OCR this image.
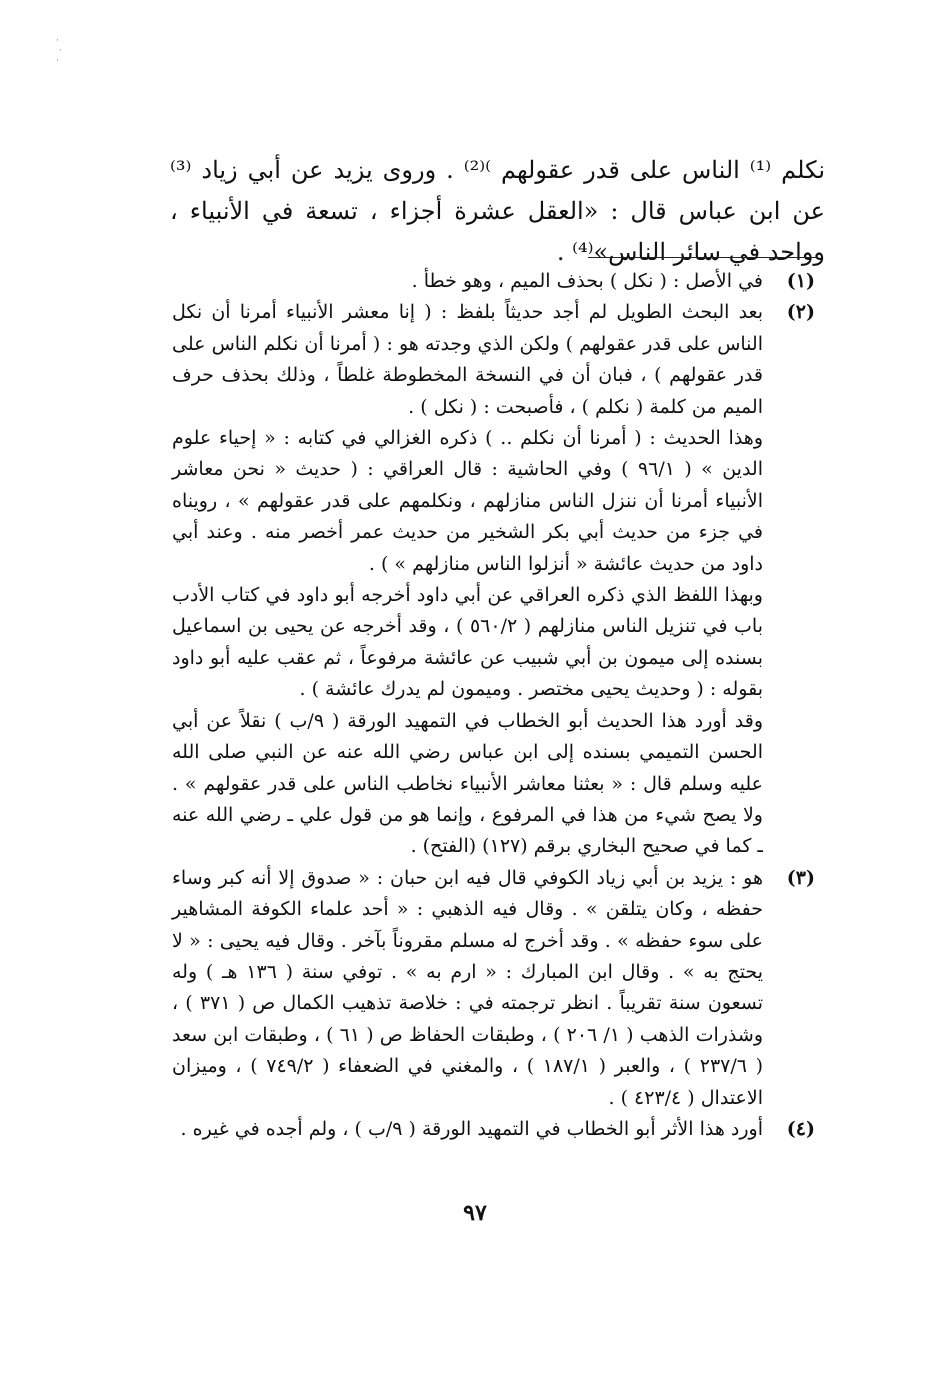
·
·
·
نكلم ⁽¹⁾ الناس على قدر عقولهم ⁾⁽²⁾ . وروى يزيد عن أبي زياد ⁽³⁾ عن ابن عباس قال : «العقل عشرة أجزاء ، تسعة في الأنبياء ، وواحد في سائر الناس»⁽⁴⁾ .
(١)
في الأصل : ( نكل ) بحذف الميم ، وهو خطأ .
(٢)
بعد البحث الطويل لم أجد حديثاً بلفظ : ( إنا معشر الأنبياء أمرنا أن نكل الناس على قدر عقولهم ) ولكن الذي وجدته هو : ( أمرنا أن نكلم الناس على قدر عقولهم ) ، فبان أن في النسخة المخطوطة غلطاً ، وذلك بحذف حرف الميم من كلمة ( نكلم ) ، فأصبحت : ( نكل ) .
وهذا الحديث : ( أمرنا أن نكلم .. ) ذكره الغزالي في كتابه : « إحياء علوم الدين » ( ٩٦/١ ) وفي الحاشية : قال العراقي : ( حديث « نحن معاشر الأنبياء أمرنا أن ننزل الناس منازلهم ، ونكلمهم على قدر عقولهم » ، رويناه في جزء من حديث أبي بكر الشخير من حديث عمر أخصر منه . وعند أبي داود من حديث عائشة « أنزلوا الناس منازلهم » ) .
وبهذا اللفظ الذي ذكره العراقي عن أبي داود أخرجه أبو داود في كتاب الأدب باب في تنزيل الناس منازلهم ( ٥٦٠/٢ ) ، وقد أخرجه عن يحيى بن اسماعيل بسنده إلى ميمون بن أبي شبيب عن عائشة مرفوعاً ، ثم عقب عليه أبو داود بقوله : ( وحديث يحيى مختصر . وميمون لم يدرك عائشة ) .
وقد أورد هذا الحديث أبو الخطاب في التمهيد الورقة ( ٩/ب ) نقلاً عن أبي الحسن التميمي بسنده إلى ابن عباس رضي الله عنه عن النبي صلى الله عليه وسلم قال : « بعثنا معاشر الأنبياء نخاطب الناس على قدر عقولهم » . ولا يصح شيء من هذا في المرفوع ، وإنما هو من قول علي ـ رضي الله عنه ـ كما في صحيح البخاري برقم (١٢٧) (الفتح) .
(٣)
هو : يزيد بن أبي زياد الكوفي قال فيه ابن حبان : « صدوق إلا أنه كبر وساء حفظه ، وكان يتلقن » . وقال فيه الذهبي : « أحد علماء الكوفة المشاهير على سوء حفظه » . وقد أخرج له مسلم مقروناً بآخر . وقال فيه يحيى : « لا يحتج به » . وقال ابن المبارك : « ارم به » . توفي سنة ( ١٣٦ هـ ) وله تسعون سنة تقريباً . انظر ترجمته في : خلاصة تذهيب الكمال ص ( ٣٧١ ) ، وشذرات الذهب ( ١/ ٢٠٦ ) ، وطبقات الحفاظ ص ( ٦١ ) ، وطبقات ابن سعد ( ٢٣٧/٦ ) ، والعبر ( ١٨٧/١ ) ، والمغني في الضعفاء ( ٧٤٩/٢ ) ، وميزان الاعتدال ( ٤٢٣/٤ ) .
(٤)
أورد هذا الأثر أبو الخطاب في التمهيد الورقة ( ٩/ب ) ، ولم أجده في غيره .
٩٧
